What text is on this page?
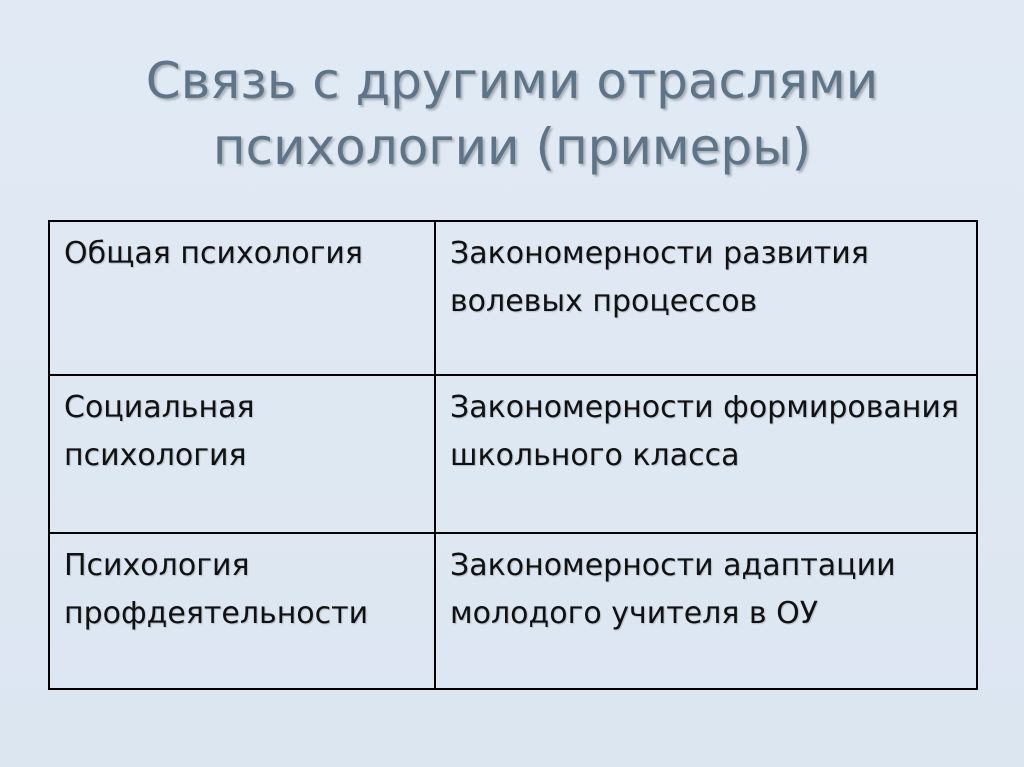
Связь с другими отраслями
психологии (примеры)
Общая психология	Закономерности развития волевых процессов
Социальная психология	Закономерности формирования школьного класса
Психология профдеятельности	Закономерности адаптации молодого учителя в ОУ
